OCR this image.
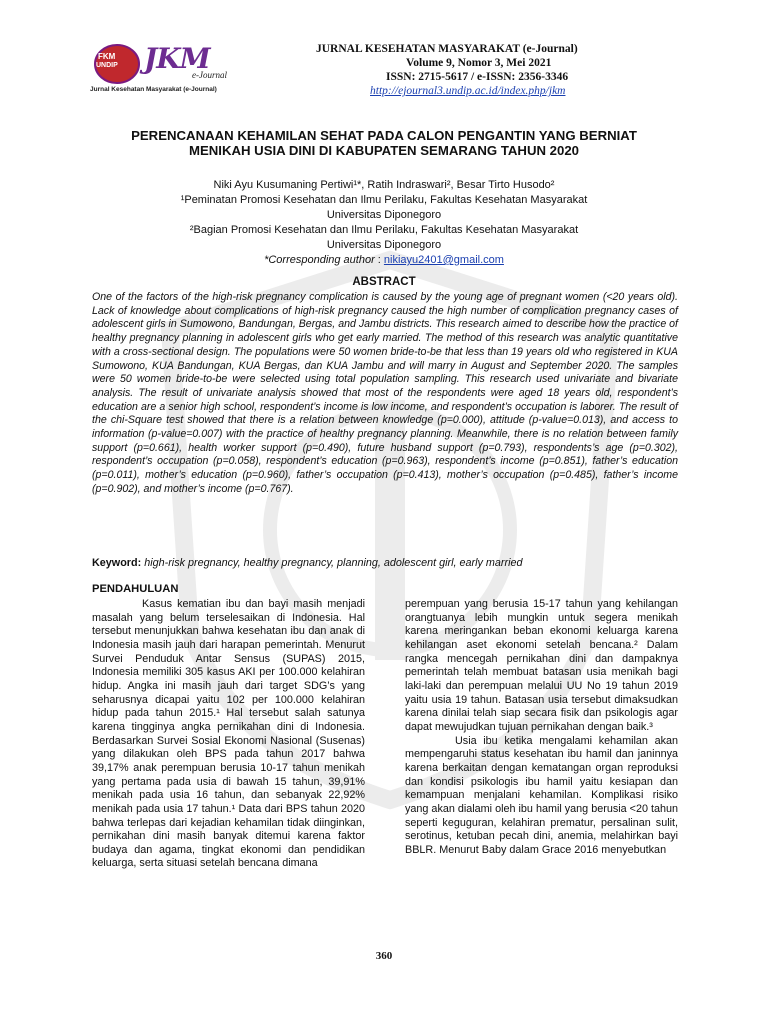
FKM
UNDIP JKM
e-Journal
Jurnal Kesehatan Masyarakat (e-Journal)
JURNAL KESEHATAN MASYARAKAT (e-Journal)
Volume 9, Nomor 3, Mei 2021
ISSN: 2715-5617 / e-ISSN: 2356-3346
http://ejournal3.undip.ac.id/index.php/jkm
PERENCANAAN KEHAMILAN SEHAT PADA CALON PENGANTIN YANG BERNIAT MENIKAH USIA DINI DI KABUPATEN SEMARANG TAHUN 2020
Niki Ayu Kusumaning Pertiwi¹*, Ratih Indraswari², Besar Tirto Husodo²
¹Peminatan Promosi Kesehatan dan Ilmu Perilaku, Fakultas Kesehatan Masyarakat
Universitas Diponegoro
²Bagian Promosi Kesehatan dan Ilmu Perilaku, Fakultas Kesehatan Masyarakat
Universitas Diponegoro
*Corresponding author : nikiayu2401@gmail.com
ABSTRACT
One of the factors of the high-risk pregnancy complication is caused by the young age of pregnant women (<20 years old). Lack of knowledge about complications of high-risk pregnancy caused the high number of complication pregnancy cases of adolescent girls in Sumowono, Bandungan, Bergas, and Jambu districts. This research aimed to describe how the practice of healthy pregnancy planning in adolescent girls who get early married. The method of this research was analytic quantitative with a cross-sectional design. The populations were 50 women bride-to-be that less than 19 years old who registered in KUA Sumowono, KUA Bandungan, KUA Bergas, dan KUA Jambu and will marry in August and September 2020. The samples were 50 women bride-to-be were selected using total population sampling. This research used univariate and bivariate analysis. The result of univariate analysis showed that most of the respondents were aged 18 years old, respondent’s education are a senior high school, respondent’s income is low income, and respondent’s occupation is laborer. The result of the chi-Square test showed that there is a relation between knowledge (p=0.000), attitude (p-value=0.013), and access to information (p-value=0.007) with the practice of healthy pregnancy planning. Meanwhile, there is no relation between family support (p=0.661), health worker support (p=0.490), future husband support (p=0.793), respondents’s age (p=0.302), respondent’s occupation (p=0.058), respondent’s education (p=0.963), respondent’s income (p=0.851), father’s education (p=0.011), mother’s education (p=0.960), father’s occupation (p=0.413), mother’s occupation (p=0.485), father’s income (p=0.902), and mother’s income (p=0.767).
Keyword: high-risk pregnancy, healthy pregnancy, planning, adolescent girl, early married
PENDAHULUAN

Kasus kematian ibu dan bayi masih menjadi masalah yang belum terselesaikan di Indonesia. Hal tersebut menunjukkan bahwa kesehatan ibu dan anak di Indonesia masih jauh dari harapan pemerintah. Menurut Survei Penduduk Antar Sensus (SUPAS) 2015, Indonesia memiliki 305 kasus AKI per 100.000 kelahiran hidup. Angka ini masih jauh dari target SDG’s yang seharusnya dicapai yaitu 102 per 100.000 kelahiran hidup pada tahun 2015.¹ Hal tersebut salah satunya karena tingginya angka pernikahan dini di Indonesia. Berdasarkan Survei Sosial Ekonomi Nasional (Susenas) yang dilakukan oleh BPS pada tahun 2017 bahwa 39,17% anak perempuan berusia 10-17 tahun menikah yang pertama pada usia di bawah 15 tahun, 39,91% menikah pada usia 16 tahun, dan sebanyak 22,92% menikah pada usia 17 tahun.¹ Data dari BPS tahun 2020 bahwa terlepas dari kejadian kehamilan tidak diinginkan, pernikahan dini masih banyak ditemui karena faktor budaya dan agama, tingkat ekonomi dan pendidikan keluarga, serta situasi setelah bencana dimana

perempuan yang berusia 15-17 tahun yang kehilangan orangtuanya lebih mungkin untuk segera menikah karena meringankan beban ekonomi keluarga karena kehilangan aset ekonomi setelah bencana.² Dalam rangka mencegah pernikahan dini dan dampaknya pemerintah telah membuat batasan usia menikah bagi laki-laki dan perempuan melalui UU No 19 tahun 2019 yaitu usia 19 tahun. Batasan usia tersebut dimaksudkan karena dinilai telah siap secara fisik dan psikologis agar dapat mewujudkan tujuan pernikahan dengan baik.³

Usia ibu ketika mengalami kehamilan akan mempengaruhi status kesehatan ibu hamil dan janinnya karena berkaitan dengan kematangan organ reproduksi dan kondisi psikologis ibu hamil yaitu kesiapan dan kemampuan menjalani kehamilan. Komplikasi risiko yang akan dialami oleh ibu hamil yang berusia <20 tahun seperti keguguran, kelahiran prematur, persalinan sulit, serotinus, ketuban pecah dini, anemia, melahirkan bayi BBLR. Menurut Baby dalam Grace 2016 menyebutkan

360
